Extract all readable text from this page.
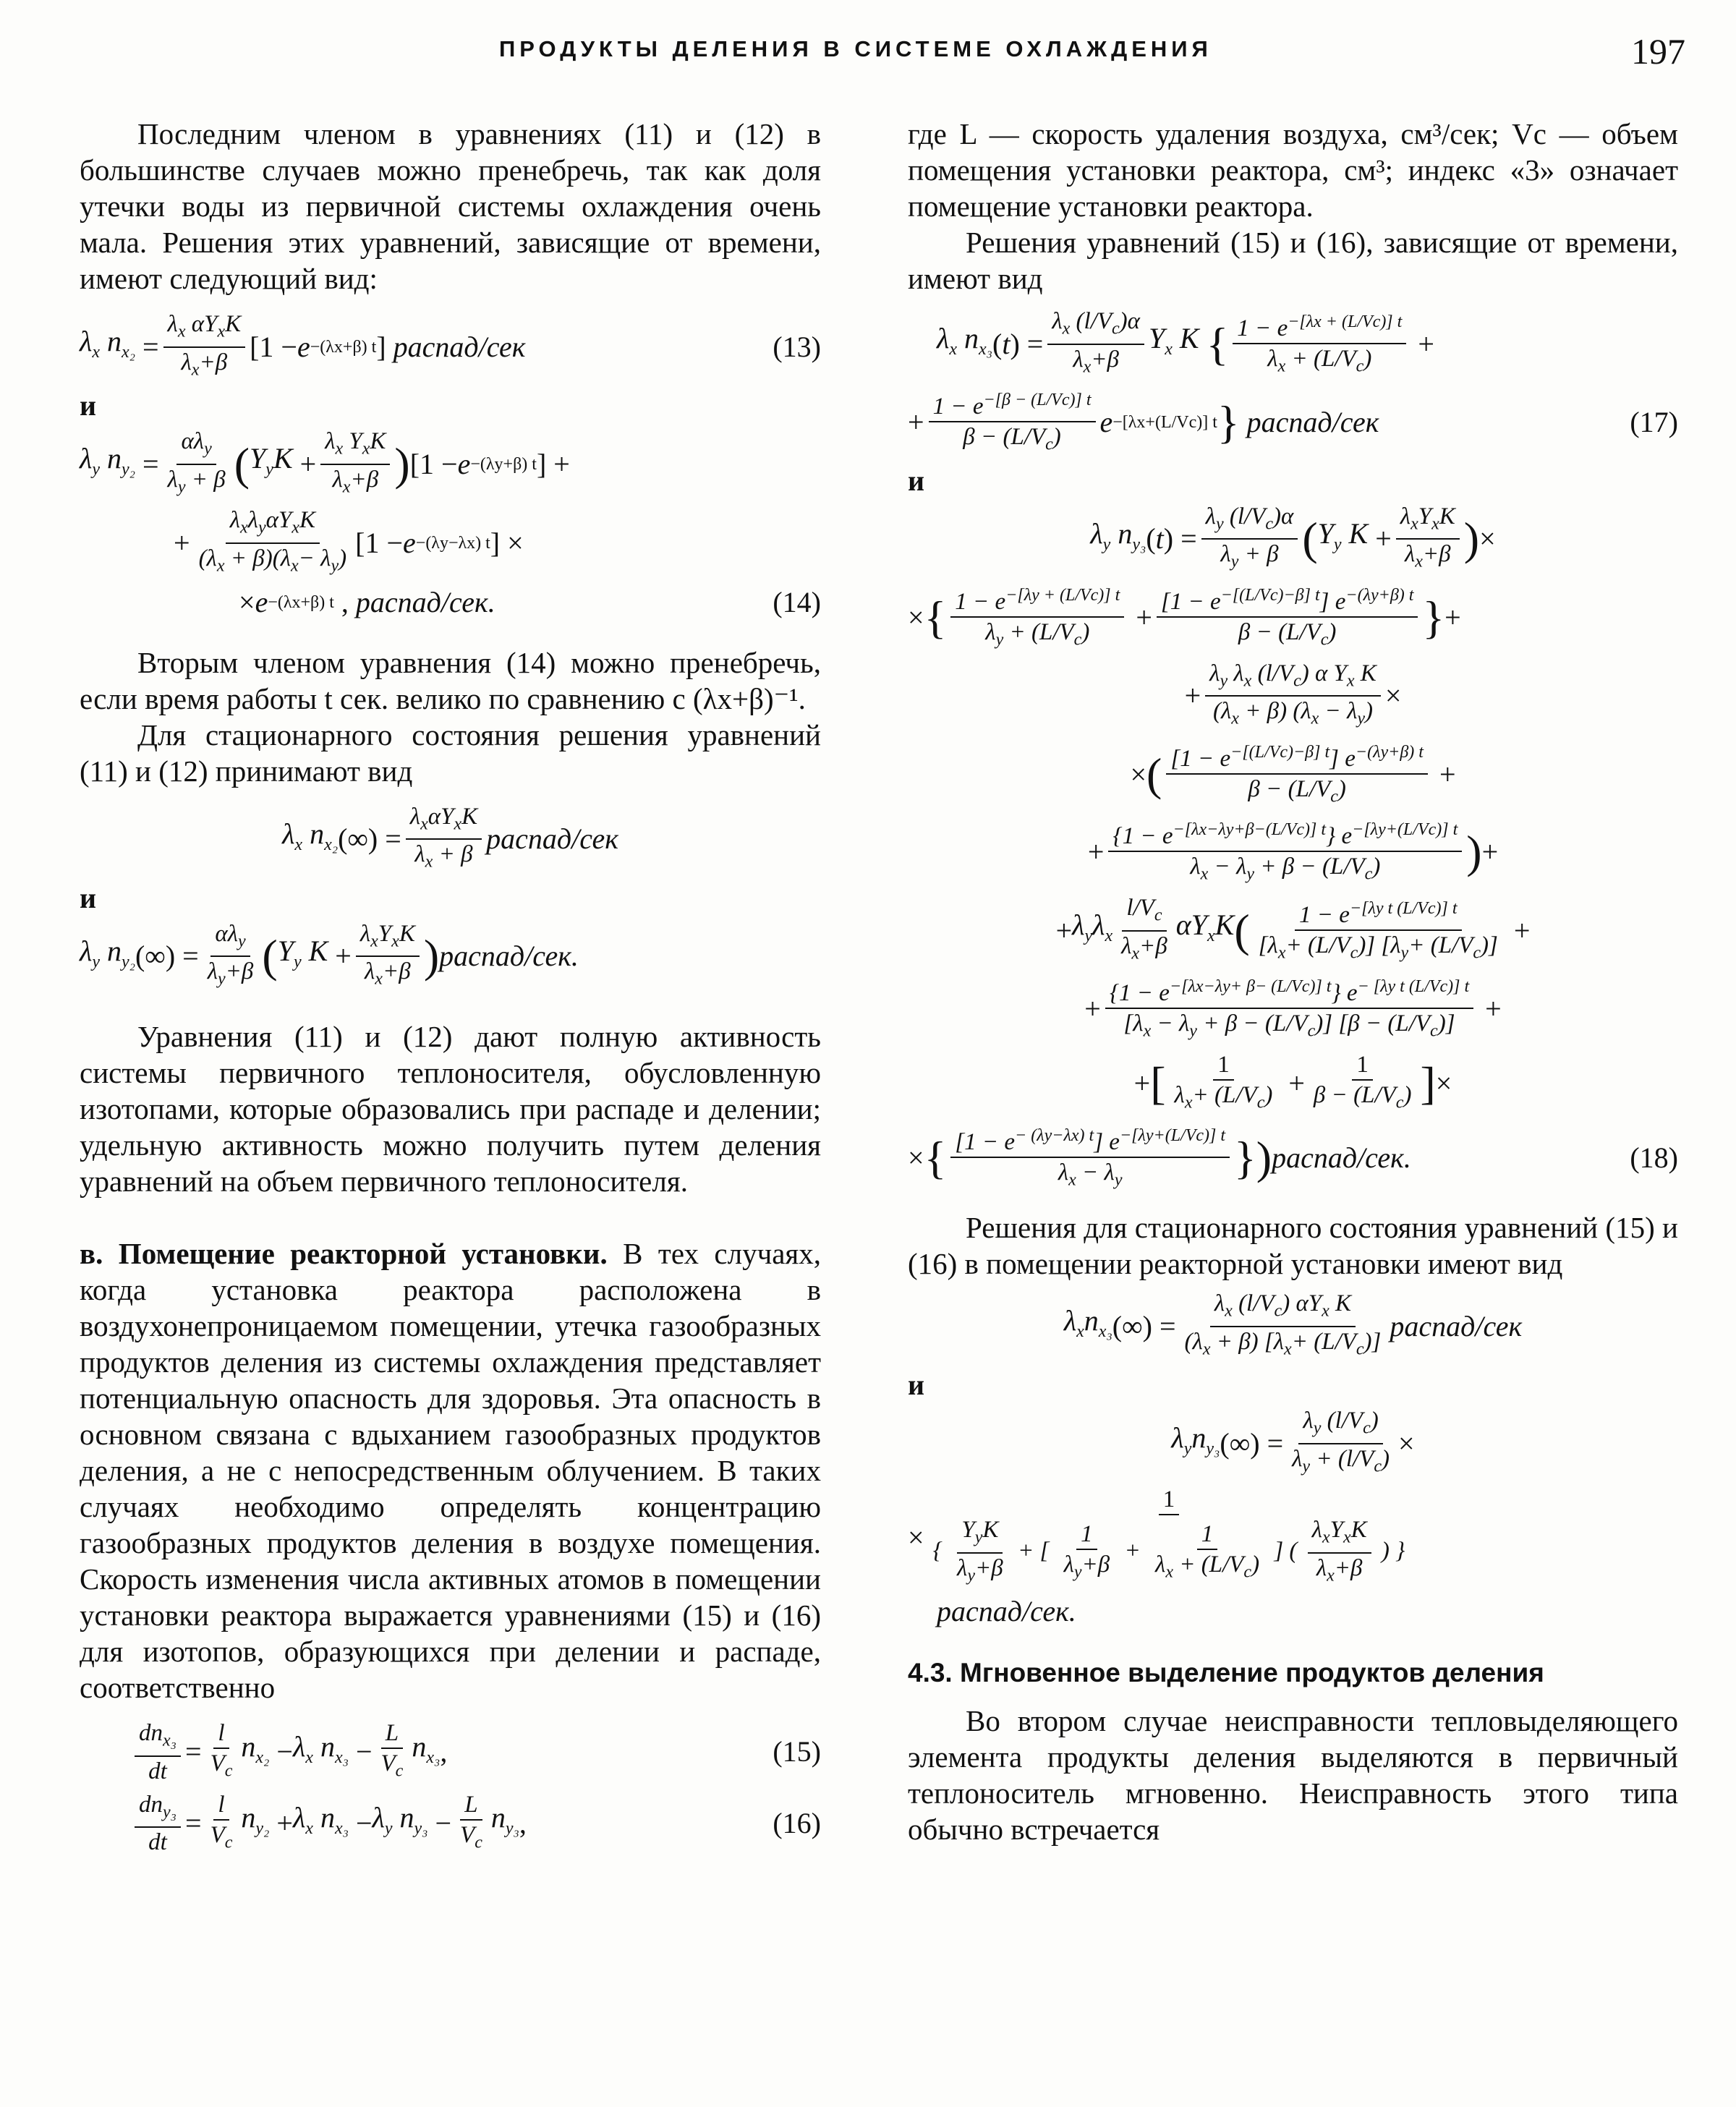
ПРОДУКТЫ ДЕЛЕНИЯ В СИСТЕМЕ ОХЛАЖДЕНИЯ	197

Последним членом в уравнениях (11) и (12) в большинстве случаев можно пренебречь, так как доля утечки воды из первичной системы охлаждения очень мала. Решения этих уравнений, зависящие от времени, имеют следующий вид:

$\lambda_x$ $n_{x_2} = \frac{\lambda_x \alpha Y_xK}{\lambda_x+\beta} [1 - e -(\lambda x+\beta)$ t ] распад/сек	(13)
и
$\lambda_y$ $n_{y_2} = \frac{\alpha\lambda_y}{\lambda_y + \beta}$ ( $Y_yK + \frac{\lambda_x Y_xK}{\lambda_x+\beta}$ ) [1 − e −(λy+β) t ] +
+ $\frac{\lambda_x\lambda_y\alpha Y_xK}{(\lambda_x + \beta)(\lambda_x- \lambda_y)} [1 - e -(\lambda y-\lambda x)$ t ] ×
× e −(λx+β) t , распад/сек.	(14)

Вторым членом уравнения (14) можно пренебречь, если время работы t сек. велико по сравнению с (λx+β)⁻¹.

Для стационарного состояния решения уравнений (11) и (12) принимают вид

$\lambda_x$ $n_{x_2}$ (∞) = $\frac{\lambda_x\alpha Y_xK}{\lambda_x + \beta}$ распад/сек
и
$\lambda_y$ $n_{y_2}$ (∞) = $\frac{\alpha\lambda_y}{\lambda_y+\beta}$ ( $Y_y$ $K + \frac{\lambda_xY_xK}{\lambda_x+\beta}$ ) распад/сек.

Уравнения (11) и (12) дают полную активность системы первичного теплоносителя, обусловленную изотопами, которые образовались при распаде и делении; удельную активность можно получить путем деления уравнений на объем первичного теплоносителя.

в. Помещение реакторной установки. В тех случаях, когда установка реактора расположена в воздухонепроницаемом помещении, утечка газообразных продуктов деления из системы охлаждения представляет потенциальную опасность для здоровья. Эта опасность в основном связана с вдыханием газообразных продуктов деления, а не с непосредственным облучением. В таких случаях необходимо определять концентрацию газообразных продуктов деления в воздухе помещения. Скорость изменения числа активных атомов в помещении установки реактора выражается уравнениями (15) и (16) для изотопов, образующихся при делении и распаде, соответственно

$\frac{dn_{x_3}}{dt} = \frac{l}{V_c} n_{x_2} - \lambda_x$ $n_{x_3} - \frac{L}{V_c} n_{x_3}$ ,	(15)
$\frac{dn_{y_3}}{dt} = \frac{l}{V_c} n_{y_2} + \lambda_x$ $n_{x_3} - \lambda_y$ $n_{y_3} - \frac{L}{V_c} n_{y_3}$ ,	(16)

где L — скорость удаления воздуха, см³/сек; Vc — объем помещения установки реактора, см³; индекс «3» означает помещение установки реактора.

Решения уравнений (15) и (16), зависящие от времени, имеют вид

$\lambda_x$ $n_{x_3}$ ( t ) = $\frac{\lambda_x (l/V_c)\alpha}{\lambda_x+\beta} Y_x$ K
{ $\frac{1 - e^{-[\lambda x + (L/Vc)] t}}{\lambda_x + (L/V_c)}$ +
+ $\frac{1 - e^{-[\beta - (L/Vc)] t}}{\beta - (L/V_c)}$ e −[λx+(L/Vc)] t }
распад/сек	(17)
и
$\lambda_y$ $n_{y_3}$ ( t ) = $\frac{\lambda_y (l/V_c)\alpha}{\lambda_y + \beta}$ ( $Y_y$ $K + \frac{\lambda_xY_xK}{\lambda_x+\beta}$ ) ×
× { $\frac{1 - e^{-[\lambda y + (L/Vc)] t}}{\lambda_y + (L/V_c)} + \frac{[1 - e^{-[(L/Vc)-\beta] t}] e^{-(\lambda y+\beta) t}}{\beta - (L/V_c)}$ } +
+ $\frac{\lambda_y \lambda_x (l/V_c) \alpha Y_x K}{(\lambda_x + \beta) (\lambda_x - \lambda_y)}$ ×
× ( $\frac{[1 - e^{-[(L/Vc)-\beta] t}] e^{-(\lambda y+\beta) t}}{\beta - (L/V_c)}$ +
+ $\frac{\{1 - e^{-[\lambda x-\lambda y+\beta-(L/Vc)] t}\} e^{-[\lambda y+(L/Vc)] t}}{\lambda_x - \lambda_y + \beta - (L/V_c)}$ ) +
+ $\lambda_y\lambda_x \frac{l/V_c}{\lambda_x+\beta} \alpha Y_xK$ ( $\frac{1 - e^{-[\lambda y t (L/Vc)] t}}{[\lambda_x+ (L/V_c)] [\lambda_y+ (L/V_c)]}$ +
+ $\frac{\{1 - e^{-[\lambda x-\lambda y+ \beta- (L/Vc)] t}\} e^{- [\lambda y t (L/Vc)] t}}{[\lambda_x - \lambda_y + \beta - (L/V_c)] [\beta - (L/V_c)]}$ +
+ [ $\frac{1}{\lambda_x+ (L/V_c)} + \frac{1}{\beta - (L/V_c)}$ ] ×
× { $\frac{[1 - e^{- (\lambda y-\lambda x) t}] e^{-[\lambda y+(L/Vc)] t}}{\lambda_x - \lambda_y}$ }) распад/сек.	(18)

Решения для стационарного состояния уравнений (15) и (16) в помещении реакторной установки имеют вид

$\lambda_xn_{x_3}$ (∞) = $\frac{\lambda_x (l/V_c) \alpha Y_x K}{(\lambda_x + \beta) [\lambda_x+ (L/V_c)]}$ распад/сек
и
$\lambda_yn_{y_3}$ (∞) = $\frac{\lambda_y (l/V_c)}{\lambda_y + (l/V_c)}$ ×
×
1
{ $\frac{Y_yK}{\lambda_y+\beta}$ + [ $\frac{1}{\lambda_y+\beta} + \frac{1}{\lambda_x + (L/V_c)}$ ] ( $\frac{\lambda_xY_xK}{\lambda_x+\beta}$ ) }
распад/сек.
4.3. Мгновенное выделение продуктов деления

Во втором случае неисправности тепловыделяющего элемента продукты деления выделяются в первичный теплоноситель мгновенно. Неисправность этого типа обычно встречается
